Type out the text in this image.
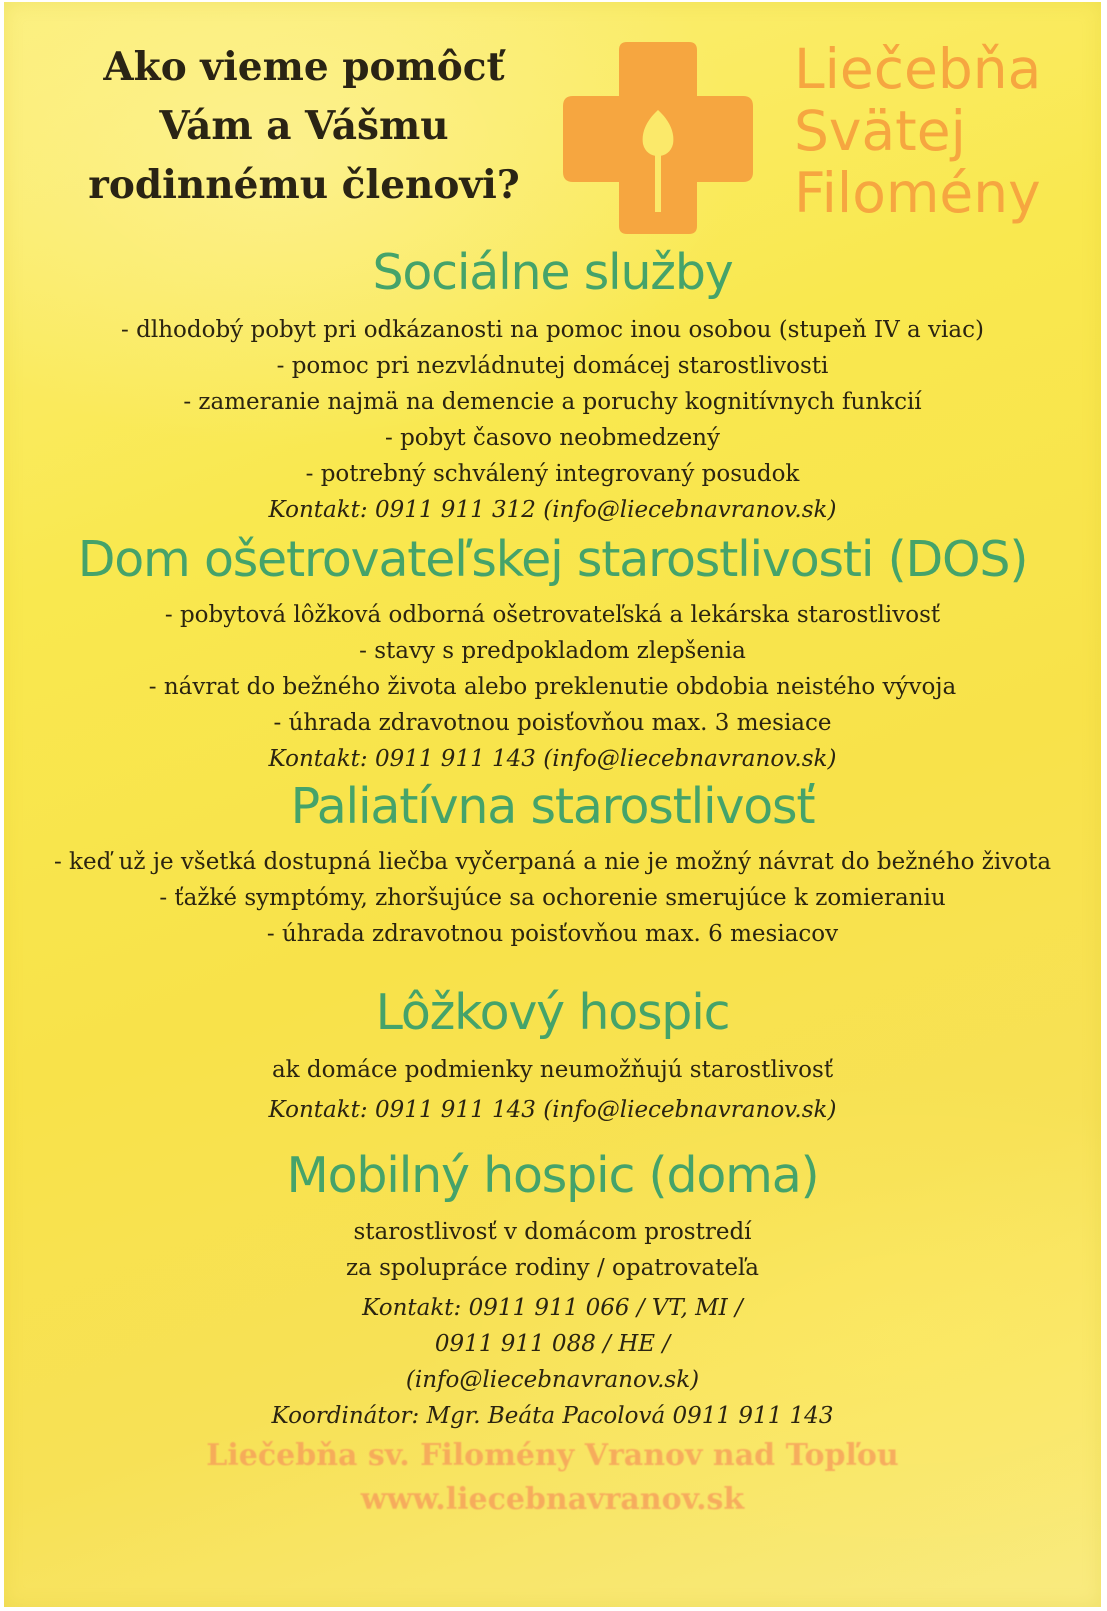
Ako vieme pomôcť
Vám a Vášmu
rodinnému členovi?
Liečebňa
Svätej
Filomény
Sociálne služby
- dlhodobý pobyt pri odkázanosti na pomoc inou osobou (stupeň IV a viac)
- pomoc pri nezvládnutej domácej starostlivosti
- zameranie najmä na demencie a poruchy kognitívnych funkcií
- pobyt časovo neobmedzený
- potrebný schválený integrovaný posudok
Kontakt: 0911 911 312 (info@liecebnavranov.sk)
Dom ošetrovateľskej starostlivosti (DOS)
- pobytová lôžková odborná ošetrovateľská a lekárska starostlivosť
- stavy s predpokladom zlepšenia
- návrat do bežného života alebo preklenutie obdobia neistého vývoja
- úhrada zdravotnou poisťovňou max. 3 mesiace
Kontakt: 0911 911 143 (info@liecebnavranov.sk)
Paliatívna starostlivosť
- keď už je všetká dostupná liečba vyčerpaná a nie je možný návrat do bežného života
- ťažké symptómy, zhoršujúce sa ochorenie smerujúce k zomieraniu
- úhrada zdravotnou poisťovňou max. 6 mesiacov
Lôžkový hospic
ak domáce podmienky neumožňujú starostlivosť
Kontakt: 0911 911 143 (info@liecebnavranov.sk)
Mobilný hospic (doma)
starostlivosť v domácom prostredí
za spolupráce rodiny / opatrovateľa
Kontakt: 0911 911 066 / VT, MI /
0911 911 088 / HE /
(info@liecebnavranov.sk)
Koordinátor: Mgr. Beáta Pacolová 0911 911 143
Liečebňa sv. Filomény Vranov nad Topľou
www.liecebnavranov.sk
